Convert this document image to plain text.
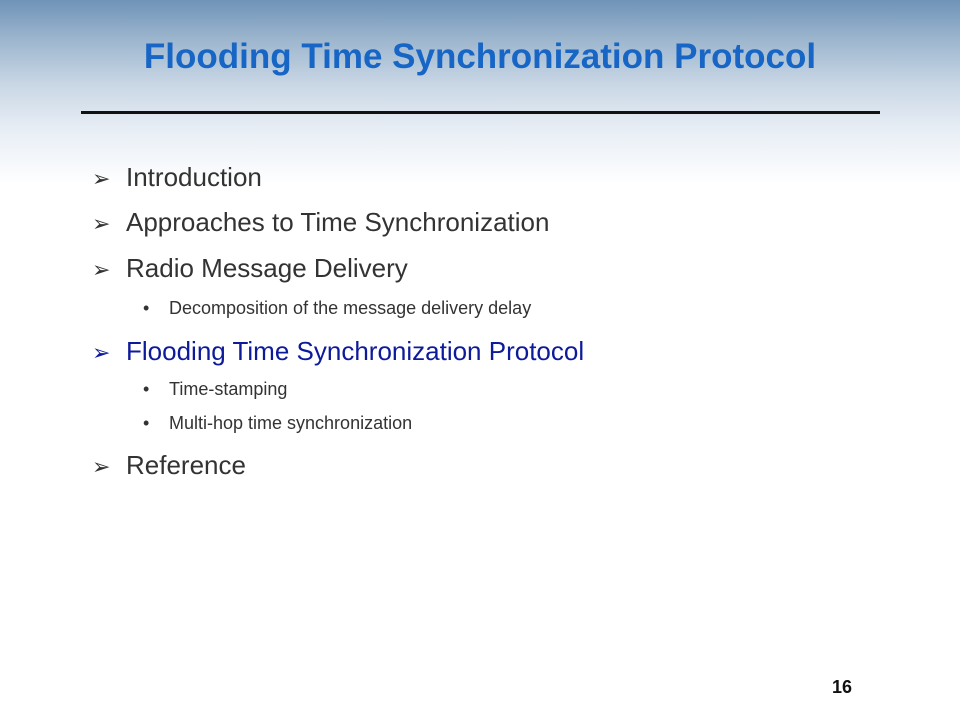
Flooding Time Synchronization Protocol
➢ Introduction
➢ Approaches to Time Synchronization
➢ Radio Message Delivery
• Decomposition of the message delivery delay
➢ Flooding Time Synchronization Protocol
• Time-stamping
• Multi-hop time synchronization
➢ Reference
16
